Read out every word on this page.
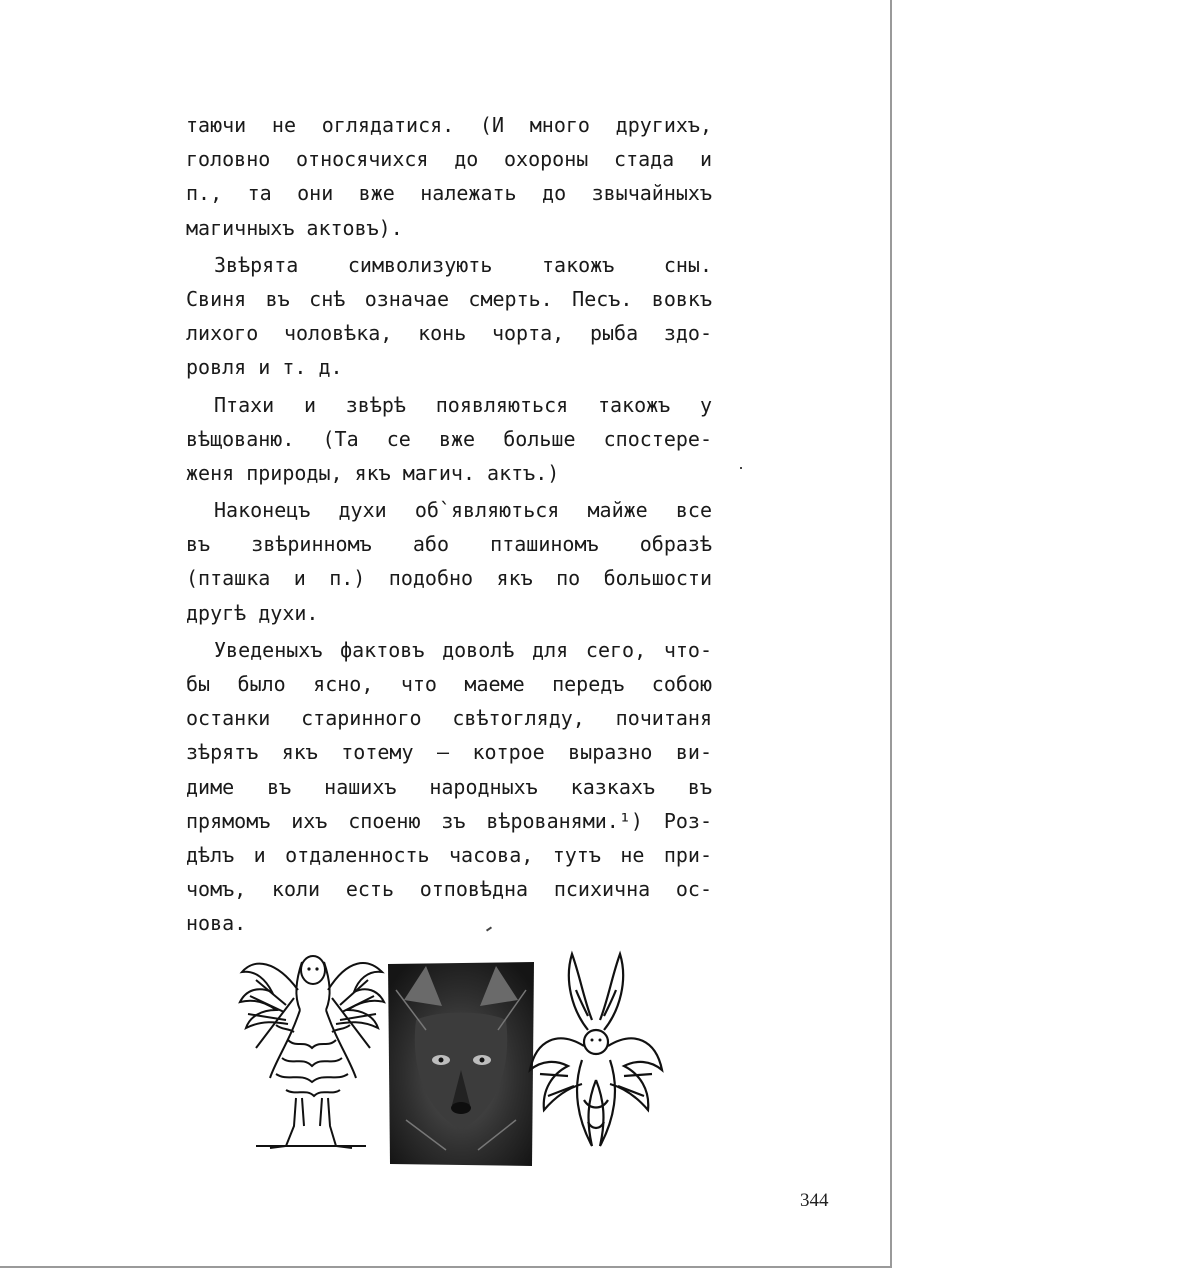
таючи не оглядатися. (И много другихъ,
головно относячихся до охороны стада и
п., та они вже належать до звычайныхъ
магичныхъ актовъ).
Звѣрята символизують такожъ сны.
Свиня въ снѣ означае смерть. Песъ. вовкъ
лихого чоловѣка, конь чорта, рыба здо-
ровля и т. д.
Птахи и звѣрѣ появляються такожъ у
вѣщованю. (Та се вже больше спостере-
женя природы, якъ магич. актъ.)
Наконецъ духи об`являються майже все
въ звѣринномъ або пташиномъ образѣ
(пташка и п.) подобно якъ по большости
другѣ духи.
Уведеныхъ фактовъ доволѣ для сего, что-
бы было ясно, что маеме передъ собою
останки старинного свѣтогляду, почитаня
зѣрятъ якъ тотему — котрое выразно ви-
диме въ нашихъ народныхъ казкахъ въ
прямомъ ихъ споеню зъ вѣрованями.¹) Роз-
дѣлъ и отдаленность часова, тутъ не при-
чомъ, коли есть отповѣдна психична ос-
нова.
344
